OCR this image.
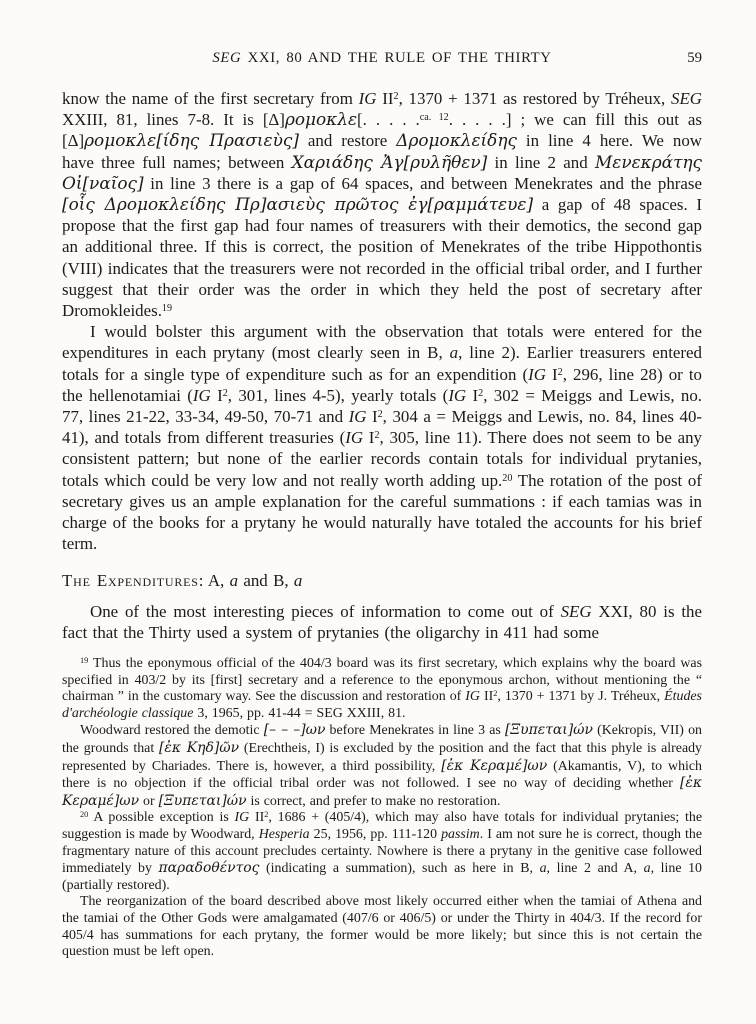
SEG XXI, 80 AND THE RULE OF THE THIRTY	59

know the name of the first secretary from IG $II^2$, 1370 + 1371 as restored by Tréheux, SEG XXIII, 81, lines 7-8. It is [Δ]ρομοκλε[. . . . .$^{ca. 12}$. . . . .] ; we can fill this out as [Δ]ρομοκλε[ίδης Πρασιεὺς] and restore Δρομοκλείδης in line 4 here. We now have three full names; between Χαριάδης Ἀγ[ρυλῆθεν] in line 2 and Μενεκράτης Οἰ[ναῖος] in line 3 there is a gap of 64 spaces, and between Menekrates and the phrase [οἷς Δρομοκλείδης Πρ]ασιεὺς πρῶτος ἐγ[ραμμάτευε] a gap of 48 spaces. I propose that the first gap had four names of treasurers with their demotics, the second gap an additional three. If this is correct, the position of Menekrates of the tribe Hippothontis (VIII) indicates that the treasurers were not recorded in the official tribal order, and I further suggest that their order was the order in which they held the post of secretary after Dromokleides.$^{19}$

I would bolster this argument with the observation that totals were entered for the expenditures in each prytany (most clearly seen in B, a, line 2). Earlier treasurers entered totals for a single type of expenditure such as for an expendition (IG $I^2$, 296, line 28) or to the hellenotamiai (IG $I^2$, 301, lines 4-5), yearly totals (IG $I^2$, 302 = Meiggs and Lewis, no. 77, lines 21-22, 33-34, 49-50, 70-71 and IG $I^2$, 304 a = Meiggs and Lewis, no. 84, lines 40-41), and totals from different treasuries (IG $I^2$, 305, line 11). There does not seem to be any consistent pattern; but none of the earlier records contain totals for individual prytanies, totals which could be very low and not really worth adding up.$^{20}$ The rotation of the post of secretary gives us an ample explanation for the careful summations : if each tamias was in charge of the books for a prytany he would naturally have totaled the accounts for his brief term.

The Expenditures: A, a and B, a

One of the most interesting pieces of information to come out of SEG XXI, 80 is the fact that the Thirty used a system of prytanies (the oligarchy in 411 had some

$^{19}$ Thus the eponymous official of the 404/3 board was its first secretary, which explains why the board was specified in 403/2 by its [first] secretary and a reference to the eponymous archon, without mentioning the “ chairman ” in the customary way. See the discussion and restoration of IG $II^2$, 1370 + 1371 by J. Tréheux, Études d'archéologie classique 3, 1965, pp. 41-44 = SEG XXIII, 81.

Woodward restored the demotic [– – –]ων before Menekrates in line 3 as [Ξυπεται]ών (Kekropis, VII) on the grounds that [ἐκ Κηδ]ῶν (Erechtheis, I) is excluded by the position and the fact that this phyle is already represented by Chariades. There is, however, a third possibility, [ἐκ Κεραμέ]ων (Akamantis, V), to which there is no objection if the official tribal order was not followed. I see no way of deciding whether [ἐκ Κεραμέ]ων or [Ξυπεται]ών is correct, and prefer to make no restoration.

$^{20}$ A possible exception is IG $II^2$, 1686 + (405/4), which may also have totals for individual prytanies; the suggestion is made by Woodward, Hesperia 25, 1956, pp. 111-120 passim. I am not sure he is correct, though the fragmentary nature of this account precludes certainty. Nowhere is there a prytany in the genitive case followed immediately by παραδοθέντος (indicating a summation), such as here in B, a, line 2 and A, a, line 10 (partially restored).

The reorganization of the board described above most likely occurred either when the tamiai of Athena and the tamiai of the Other Gods were amalgamated (407/6 or 406/5) or under the Thirty in 404/3. If the record for 405/4 has summations for each prytany, the former would be more likely; but since this is not certain the question must be left open.
